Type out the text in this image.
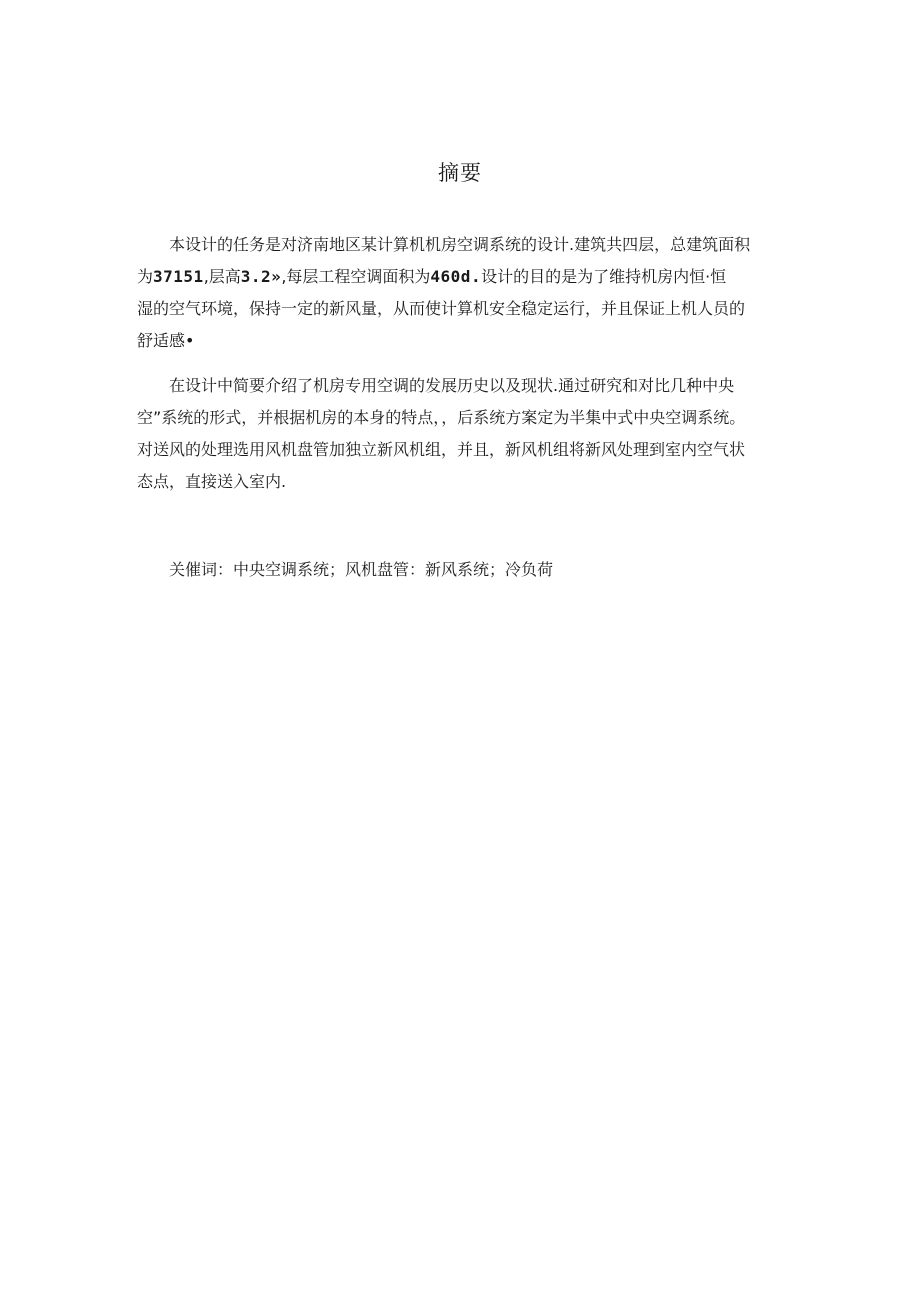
摘要
本设计的任务是对济南地区某计算机机房空调系统的设计.建筑共四层，总建筑面积
为37151,层高3.2»,每层工程空调面积为460d.设计的目的是为了维持机房内恒·恒
湿的空气环境，保持一定的新风量，从而使计算机安全稳定运行，并且保证上机人员的
舒适感•
在设计中简要介绍了机房专用空调的发展历史以及现状.通过研究和对比几种中央
空”系统的形式，并根据机房的本身的特点，，后系统方案定为半集中式中央空调系统。
对送风的处理选用风机盘管加独立新风机组，并且，新风机组将新风处理到室内空气状
态点，直接送入室内.
关催词：中央空调系统；风机盘管：新风系统；冷负荷
